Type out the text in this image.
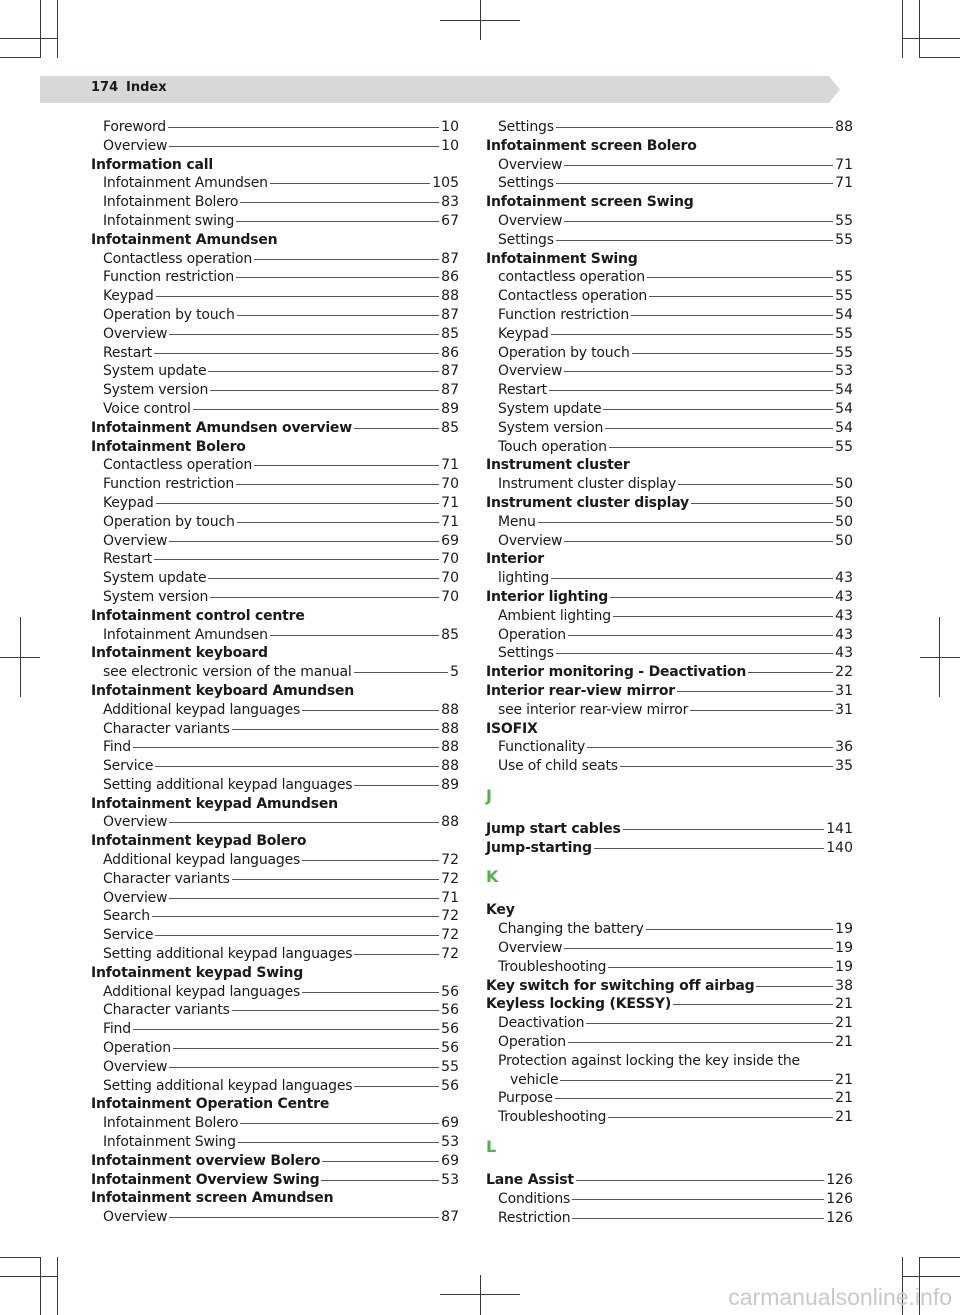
174 Index
Foreword	10
Overview	10
Information call
Infotainment Amundsen	105
Infotainment Bolero	83
Infotainment swing	67
Infotainment Amundsen
Contactless operation	87
Function restriction	86
Keypad	88
Operation by touch	87
Overview	85
Restart	86
System update	87
System version	87
Voice control	89
Infotainment Amundsen overview	85
Infotainment Bolero
Contactless operation	71
Function restriction	70
Keypad	71
Operation by touch	71
Overview	69
Restart	70
System update	70
System version	70
Infotainment control centre
Infotainment Amundsen	85
Infotainment keyboard
see electronic version of the manual	5
Infotainment keyboard Amundsen
Additional keypad languages	88
Character variants	88
Find	88
Service	88
Setting additional keypad languages	89
Infotainment keypad Amundsen
Overview	88
Infotainment keypad Bolero
Additional keypad languages	72
Character variants	72
Overview	71
Search	72
Service	72
Setting additional keypad languages	72
Infotainment keypad Swing
Additional keypad languages	56
Character variants	56
Find	56
Operation	56
Overview	55
Setting additional keypad languages	56
Infotainment Operation Centre
Infotainment Bolero	69
Infotainment Swing	53
Infotainment overview Bolero	69
Infotainment Overview Swing	53
Infotainment screen Amundsen
Overview	87
Settings	88
Infotainment screen Bolero
Overview	71
Settings	71
Infotainment screen Swing
Overview	55
Settings	55
Infotainment Swing
contactless operation	55
Contactless operation	55
Function restriction	54
Keypad	55
Operation by touch	55
Overview	53
Restart	54
System update	54
System version	54
Touch operation	55
Instrument cluster
Instrument cluster display	50
Instrument cluster display	50
Menu	50
Overview	50
Interior
lighting	43
Interior lighting	43
Ambient lighting	43
Operation	43
Settings	43
Interior monitoring - Deactivation	22
Interior rear-view mirror	31
see interior rear-view mirror	31
ISOFIX
Functionality	36
Use of child seats	35
J
Jump start cables	141
Jump-starting	140
K
Key
Changing the battery	19
Overview	19
Troubleshooting	19
Key switch for switching off airbag	38
Keyless locking (KESSY)	21
Deactivation	21
Operation	21
Protection against locking the key inside the
vehicle	21
Purpose	21
Troubleshooting	21
L
Lane Assist	126
Conditions	126
Restriction	126
carmanualsonline.info
